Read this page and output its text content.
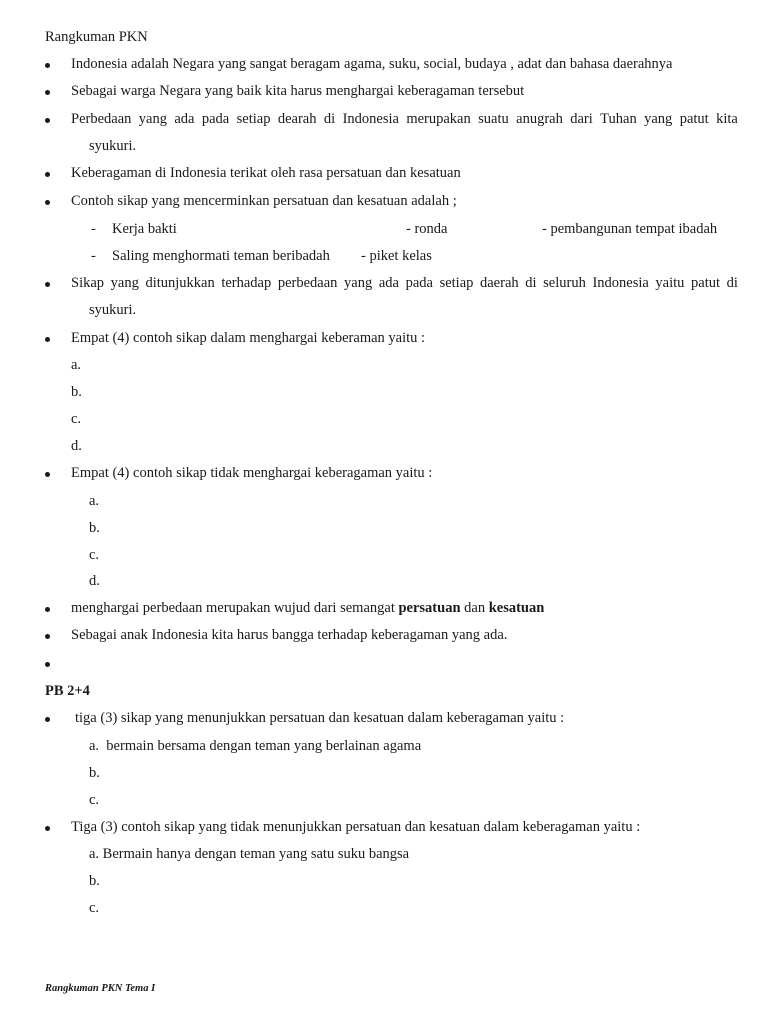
Rangkuman PKN
Indonesia adalah Negara yang sangat beragam agama, suku, social, budaya , adat dan bahasa daerahnya
Sebagai warga Negara yang baik kita harus menghargai keberagaman tersebut
Perbedaan yang ada pada setiap dearah di Indonesia merupakan suatu anugrah dari Tuhan yang patut kita
syukuri.
Keberagaman di Indonesia terikat oleh rasa persatuan dan kesatuan
Contoh sikap yang mencerminkan persatuan dan kesatuan adalah ;
- Kerja bakti	- ronda	- pembangunan tempat ibadah
- Saling menghormati teman beribadah - piket kelas
Sikap yang ditunjukkan terhadap perbedaan yang ada pada setiap daerah di seluruh Indonesia yaitu patut di
syukuri.
Empat (4) contoh sikap dalam menghargai keberaman yaitu :
a.
b.
c.
d.
Empat (4) contoh sikap tidak menghargai keberagaman yaitu :
a.
b.
c.
d.
menghargai perbedaan merupakan wujud dari semangat persatuan dan kesatuan
Sebagai anak Indonesia kita harus bangga terhadap keberagaman yang ada.
PB 2+4
tiga (3) sikap yang menunjukkan persatuan dan kesatuan dalam keberagaman yaitu :
a.  bermain bersama dengan teman yang berlainan agama
b.
c.
Tiga (3) contoh sikap yang tidak menunjukkan persatuan dan kesatuan dalam keberagaman yaitu :
a. Bermain hanya dengan teman yang satu suku bangsa
b.
c.
Rangkuman PKN Tema I
